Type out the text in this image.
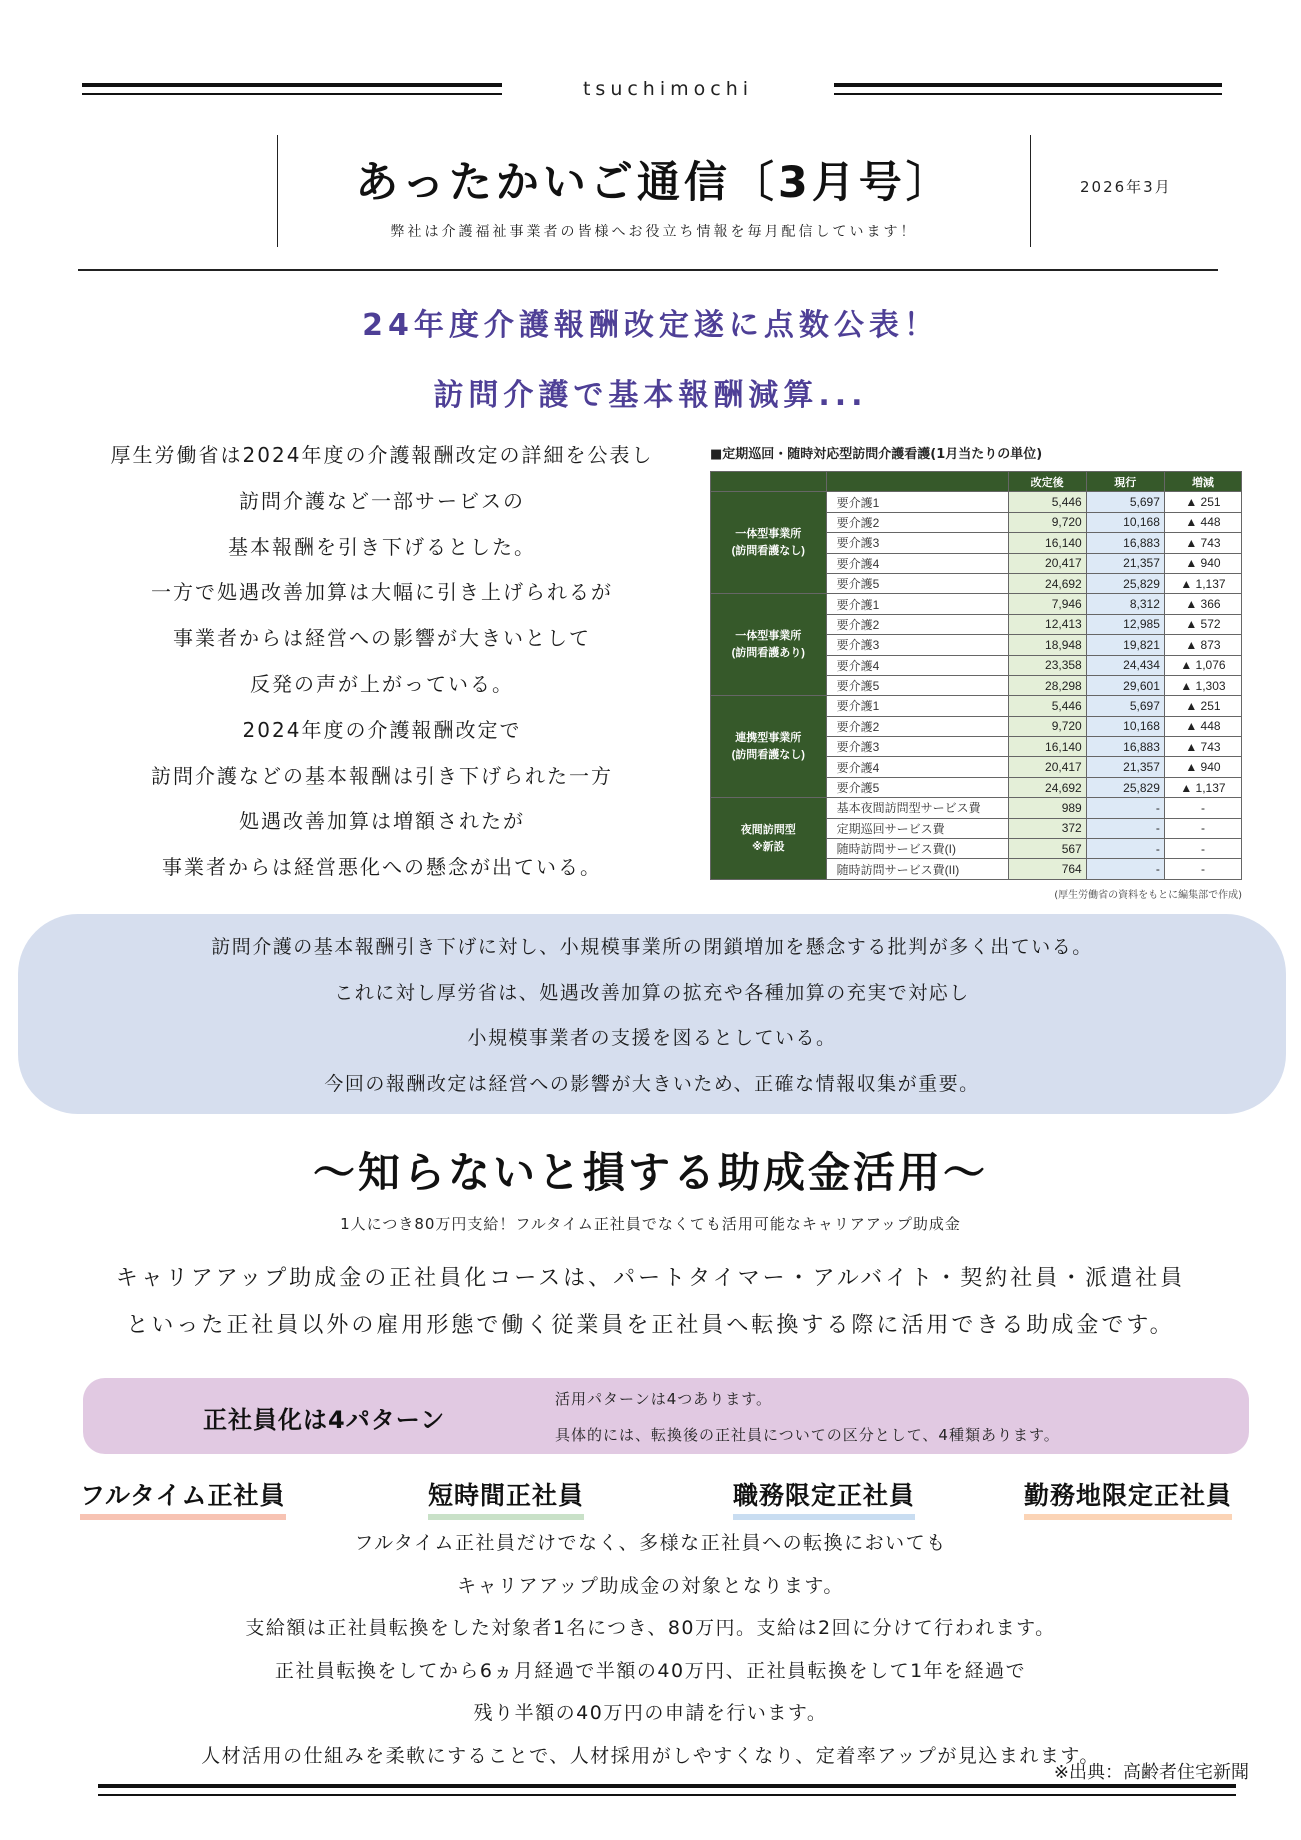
tsuchimochi
あったかいご通信〔3月号〕
弊社は介護福祉事業者の皆様へお役立ち情報を毎月配信しています！
2026年3月
24年度介護報酬改定遂に点数公表！
訪問介護で基本報酬減算...

厚生労働省は2024年度の介護報酬改定の詳細を公表し

訪問介護など一部サービスの

基本報酬を引き下げるとした。

一方で処遇改善加算は大幅に引き上げられるが

事業者からは経営への影響が大きいとして

反発の声が上がっている。

2024年度の介護報酬改定で

訪問介護などの基本報酬は引き下げられた一方

処遇改善加算は増額されたが

事業者からは経営悪化への懸念が出ている。

■定期巡回・随時対応型訪問介護看護(1月当たりの単位)
		改定後	現行	増減

一体型事業所
(訪問看護なし)	要介護1	5,446	5,697	▲ 251
	要介護2	9,720	10,168	▲ 448
	要介護3	16,140	16,883	▲ 743
	要介護4	20,417	21,357	▲ 940
	要介護5	24,692	25,829	▲ 1,137

一体型事業所
(訪問看護あり)	要介護1	7,946	8,312	▲ 366
	要介護2	12,413	12,985	▲ 572
	要介護3	18,948	19,821	▲ 873
	要介護4	23,358	24,434	▲ 1,076
	要介護5	28,298	29,601	▲ 1,303

連携型事業所
(訪問看護なし)	要介護1	5,446	5,697	▲ 251
	要介護2	9,720	10,168	▲ 448
	要介護3	16,140	16,883	▲ 743
	要介護4	20,417	21,357	▲ 940
	要介護5	24,692	25,829	▲ 1,137

夜間訪問型
※新設	基本夜間訪問型サービス費	989	-	-
	定期巡回サービス費	372	-	-
	随時訪問サービス費(I)	567	-	-
	随時訪問サービス費(II)	764	-	-
(厚生労働省の資料をもとに編集部で作成)

訪問介護の基本報酬引き下げに対し、小規模事業所の閉鎖増加を懸念する批判が多く出ている。

これに対し厚労省は、処遇改善加算の拡充や各種加算の充実で対応し

小規模事業者の支援を図るとしている。

今回の報酬改定は経営への影響が大きいため、正確な情報収集が重要。

～知らないと損する助成金活用～
1人につき80万円支給！フルタイム正社員でなくても活用可能なキャリアアップ助成金

キャリアアップ助成金の正社員化コースは、パートタイマー・アルバイト・契約社員・派遣社員

といった正社員以外の雇用形態で働く従業員を正社員へ転換する際に活用できる助成金です。

正社員化は4パターン
活用パターンは4つあります。
具体的には、転換後の正社員についての区分として、4種類あります。
フルタイム正社員	短時間正社員	職務限定正社員	勤務地限定正社員

フルタイム正社員だけでなく、多様な正社員への転換においても

キャリアアップ助成金の対象となります。

支給額は正社員転換をした対象者1名につき、80万円。支給は2回に分けて行われます。

正社員転換をしてから6ヵ月経過で半額の40万円、正社員転換をして1年を経過で

残り半額の40万円の申請を行います。

人材活用の仕組みを柔軟にすることで、人材採用がしやすくなり、定着率アップが見込まれます。

※出典：高齢者住宅新聞
